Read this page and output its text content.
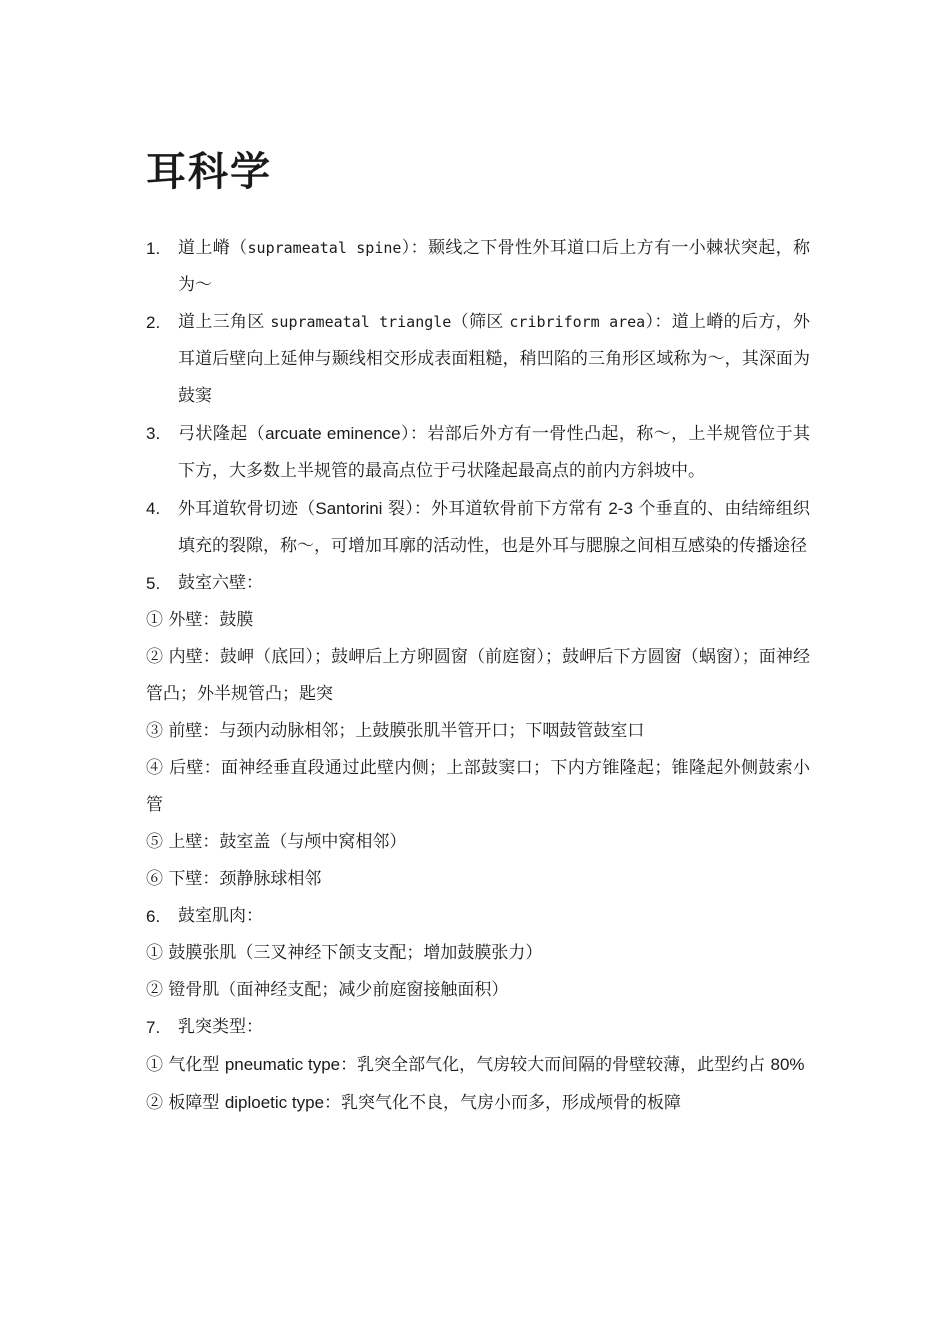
耳科学
1.	道上嵴（suprameatal spine）：颞线之下骨性外耳道口后上方有一小棘状突起，称为～
2.	道上三角区 suprameatal triangle（筛区 cribriform area）：道上嵴的后方，外耳道后壁向上延伸与颞线相交形成表面粗糙，稍凹陷的三角形区域称为～，其深面为鼓窦
3.	弓状隆起（arcuate eminence）：岩部后外方有一骨性凸起，称～，上半规管位于其下方，大多数上半规管的最高点位于弓状隆起最高点的前内方斜坡中。
4.	外耳道软骨切迹（Santorini 裂）：外耳道软骨前下方常有 2-3 个垂直的、由结缔组织填充的裂隙，称～，可增加耳廓的活动性，也是外耳与腮腺之间相互感染的传播途径
5.	鼓室六壁：
① 外壁：鼓膜
② 内壁：鼓岬（底回）；鼓岬后上方卵圆窗（前庭窗）；鼓岬后下方圆窗（蜗窗）；面神经管凸；外半规管凸；匙突
③ 前壁：与颈内动脉相邻；上鼓膜张肌半管开口；下咽鼓管鼓室口
④ 后壁：面神经垂直段通过此壁内侧；上部鼓窦口；下内方锥隆起；锥隆起外侧鼓索小管
⑤ 上壁：鼓室盖（与颅中窝相邻）
⑥ 下壁：颈静脉球相邻
6.	鼓室肌肉：
① 鼓膜张肌（三叉神经下颌支支配；增加鼓膜张力）
② 镫骨肌（面神经支配；减少前庭窗接触面积）
7.	乳突类型：
① 气化型 pneumatic type：乳突全部气化，气房较大而间隔的骨壁较薄，此型约占 80%
② 板障型 diploetic type：乳突气化不良，气房小而多，形成颅骨的板障
